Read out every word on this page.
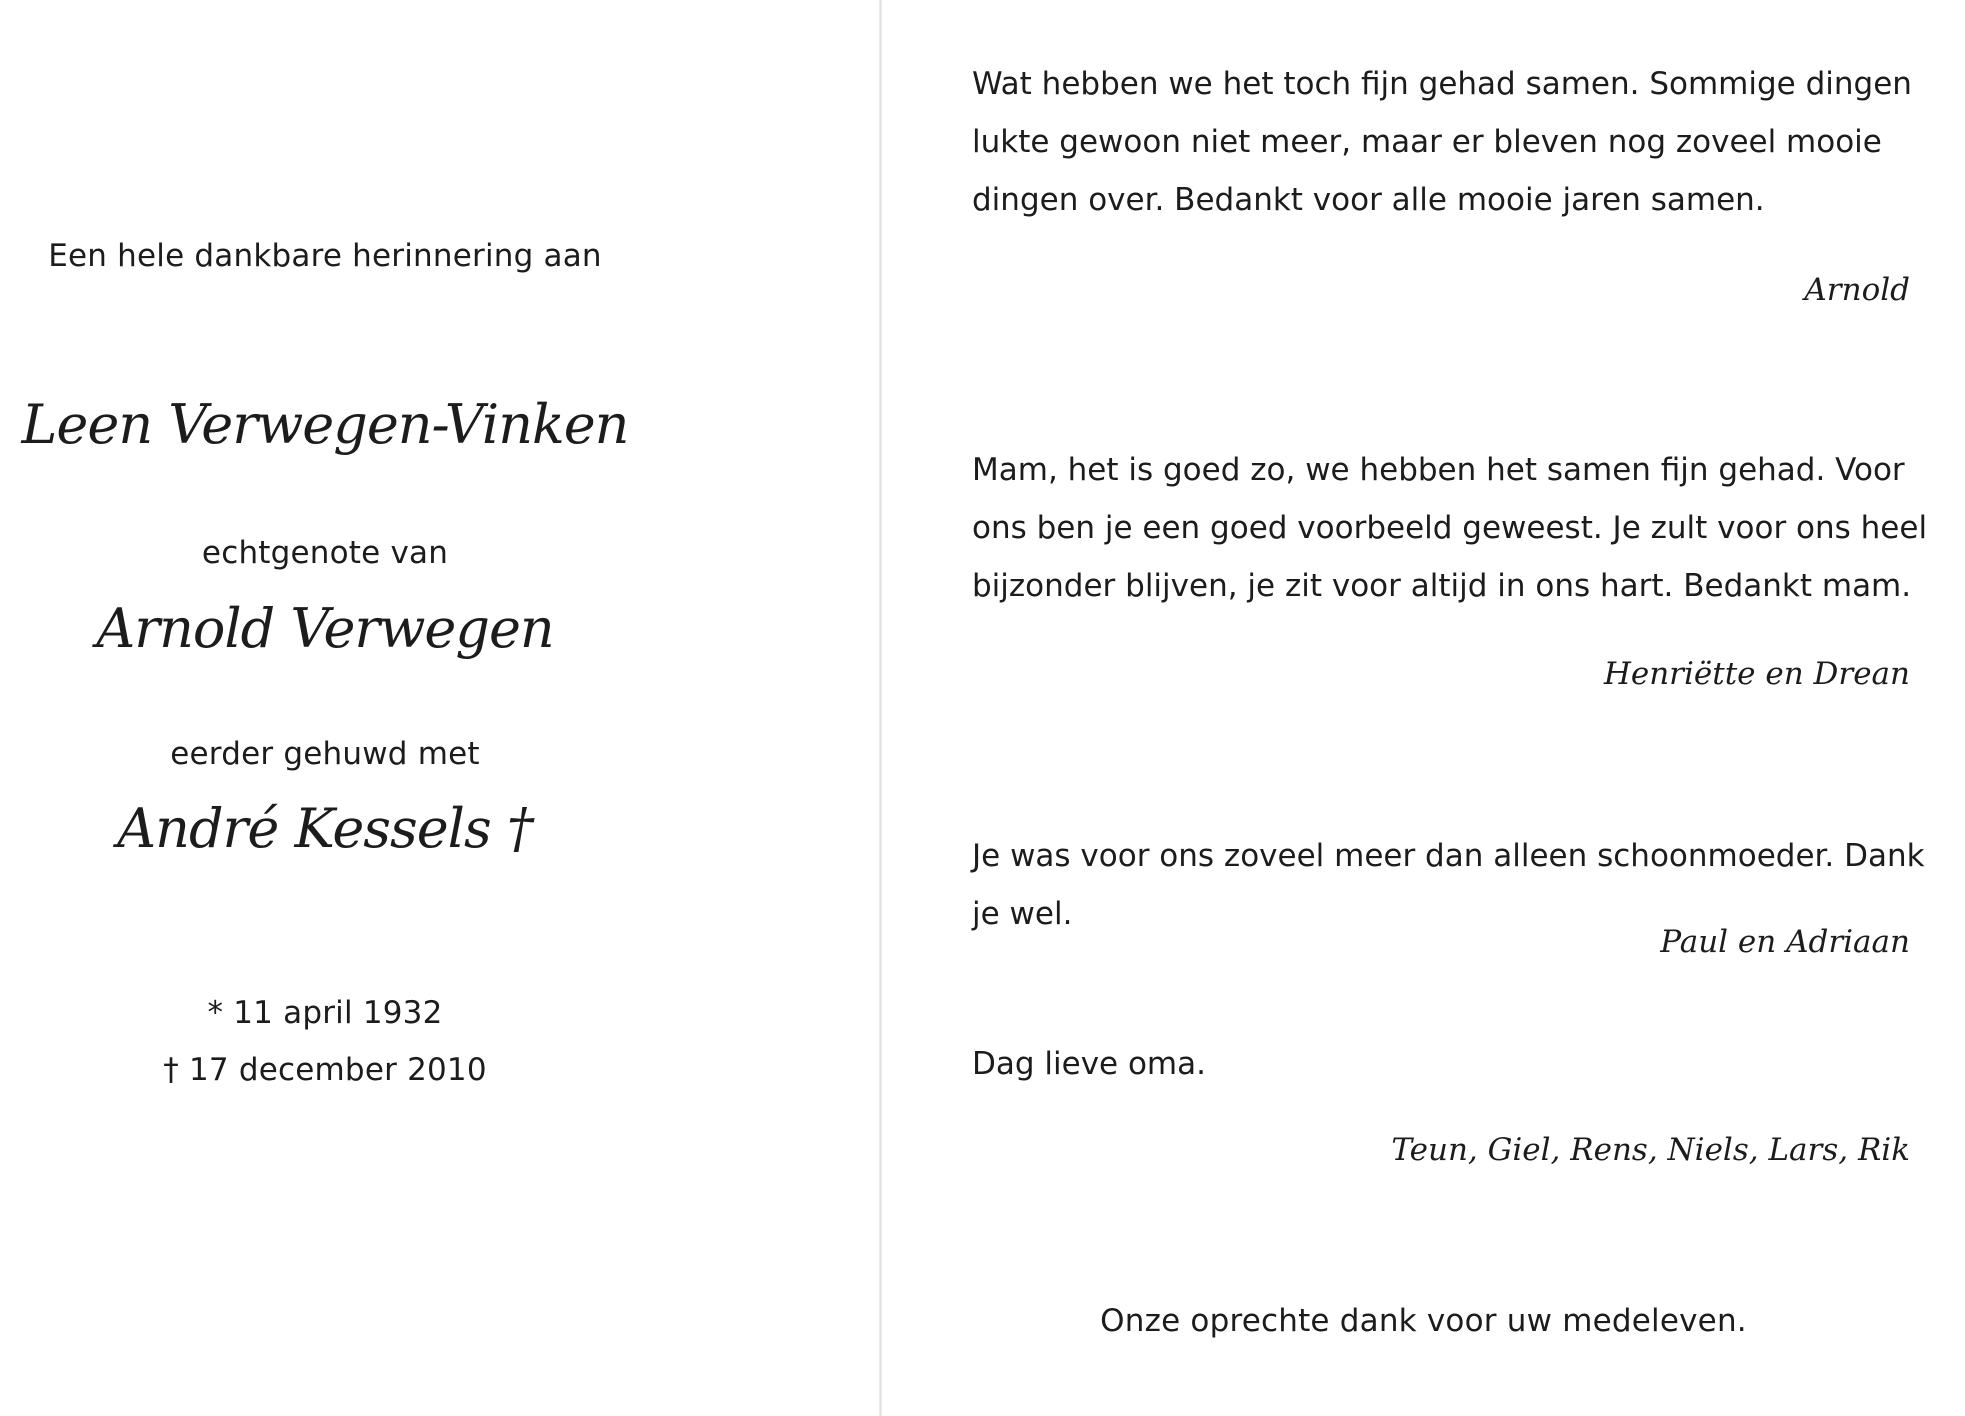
Een hele dankbare herinnering aan
Leen Verwegen-Vinken
echtgenote van
Arnold Verwegen
eerder gehuwd met
André Kessels †
* 11 april 1932
† 17 december 2010
Wat hebben we het toch fijn gehad samen. Sommige dingen lukte gewoon niet meer, maar er bleven nog zoveel mooie dingen over. Bedankt voor alle mooie jaren samen.
Arnold
Mam, het is goed zo, we hebben het samen fijn gehad. Voor ons ben je een goed voorbeeld geweest. Je zult voor ons heel bijzonder blijven, je zit voor altijd in ons hart. Bedankt mam.
Henriëtte en Drean
Je was voor ons zoveel meer dan alleen schoonmoeder. Dank je wel.
Paul en Adriaan
Dag lieve oma.
Teun, Giel, Rens, Niels, Lars, Rik
Onze oprechte dank voor uw medeleven.
